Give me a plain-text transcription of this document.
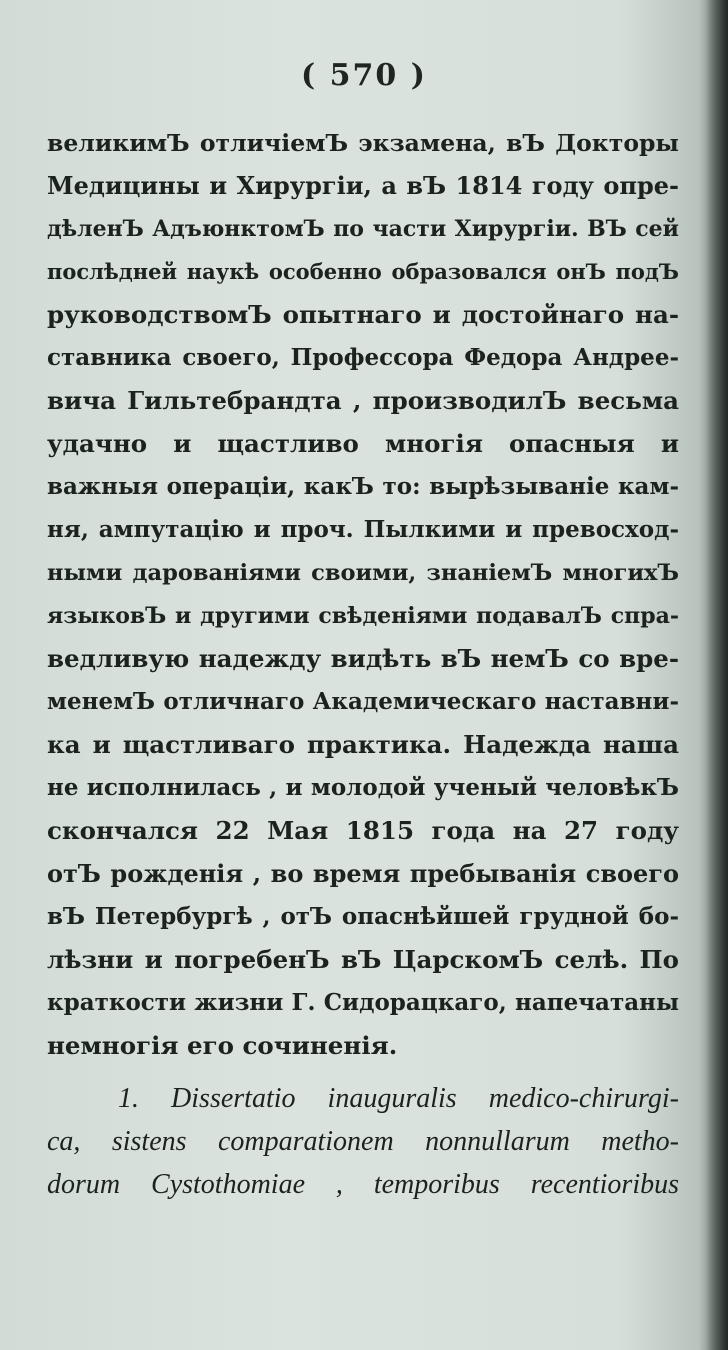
( 570 )
великимЪ отличіемЪ экзамена, вЪ Докторы
Медицины и Хирургіи, а вЪ 1814 году опре-
дѣленЪ АдъюнктомЪ по части Хирургіи. ВЪ сей
послѣдней наукѣ особенно образовался онЪ подЪ
руководствомЪ опытнаго и достойнаго на-
ставника своего, Профессора Федора Андрее-
вича Гильтебрандта , производилЪ весьма
удачно и щастливо многія опасныя и
важныя операціи, какЪ то: вырѣзываніе кам-
ня, ампутацію и проч. Пылкими и превосход-
ными дарованіями своими, знаніемЪ многихЪ
языковЪ и другими свѣденіями подавалЪ спра-
ведливую надежду видѣть вЪ немЪ со вре-
менемЪ отличнаго Академическаго наставни-
ка и щастливаго практика. Надежда наша
не исполнилась , и молодой ученый человѣкЪ
скончался 22 Мая 1815 года на 27 году
отЪ рожденія , во время пребыванія своего
вЪ Петербургѣ , отЪ опаснѣйшей грудной бо-
лѣзни и погребенЪ вЪ ЦарскомЪ селѣ. По
краткости жизни Г. Сидорацкаго, напечатаны
немногія его сочиненія.
1. Dissertatio inauguralis medico-chirurgi-
ca, sistens comparationem nonnullarum metho-
dorum Cystothomiae , temporibus recentioribus
